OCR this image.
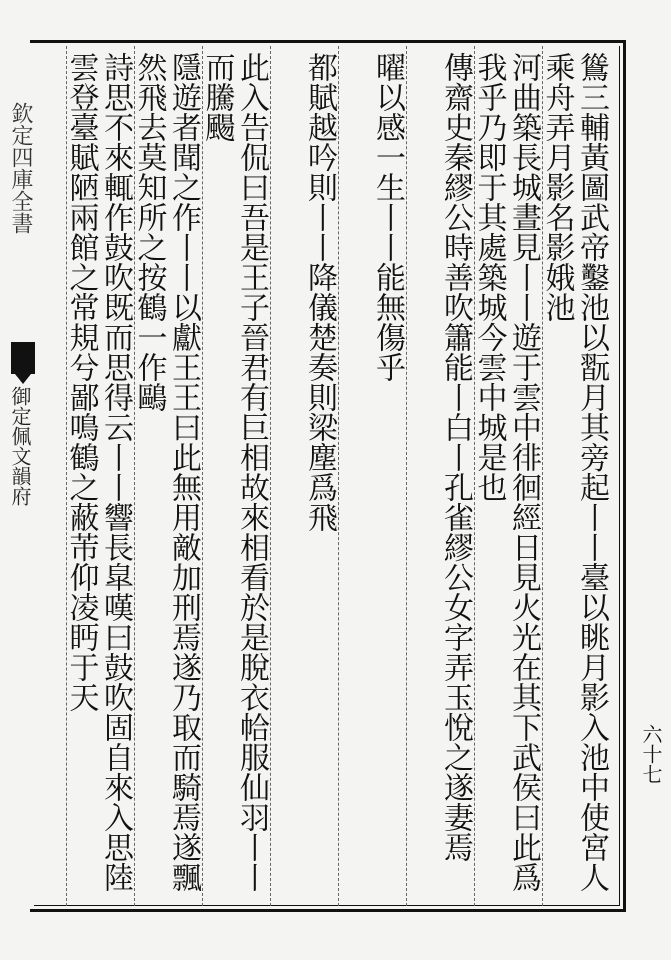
欽定四庫全書
御定佩文韻府
六十七
䳷三輔黃圖武帝鑿池以翫月其旁起丨丨臺以眺月影入池中使宮人乘舟弄月影名影娥池
河曲築長城晝見丨丨遊于雲中徘徊經日見火光在其下武侯曰此爲我乎乃即于其處築城今雲中城是也
傳齋史秦繆公時善吹簫能丨白丨孔雀繆公女字弄玉悅之遂妻焉
曜以感一生丨丨能無傷乎
都賦越吟則丨丨降儀楚奏則梁塵爲飛
此入告侃曰吾是王子晉君有巨相故來相看於是脫衣帢服仙羽丨丨而騰颺
隱遊者聞之作丨丨以獻王王曰此無用敵加刑焉遂乃取而騎焉遂飄然飛去莫知所之按鶴一作鷗
詩思不來輒作鼓吹既而思得云丨丨響長皐嘆曰鼓吹固自來入思陸雲登臺賦陋兩館之常規兮鄙鳴鶴之蔽芾仰凌眄于天
